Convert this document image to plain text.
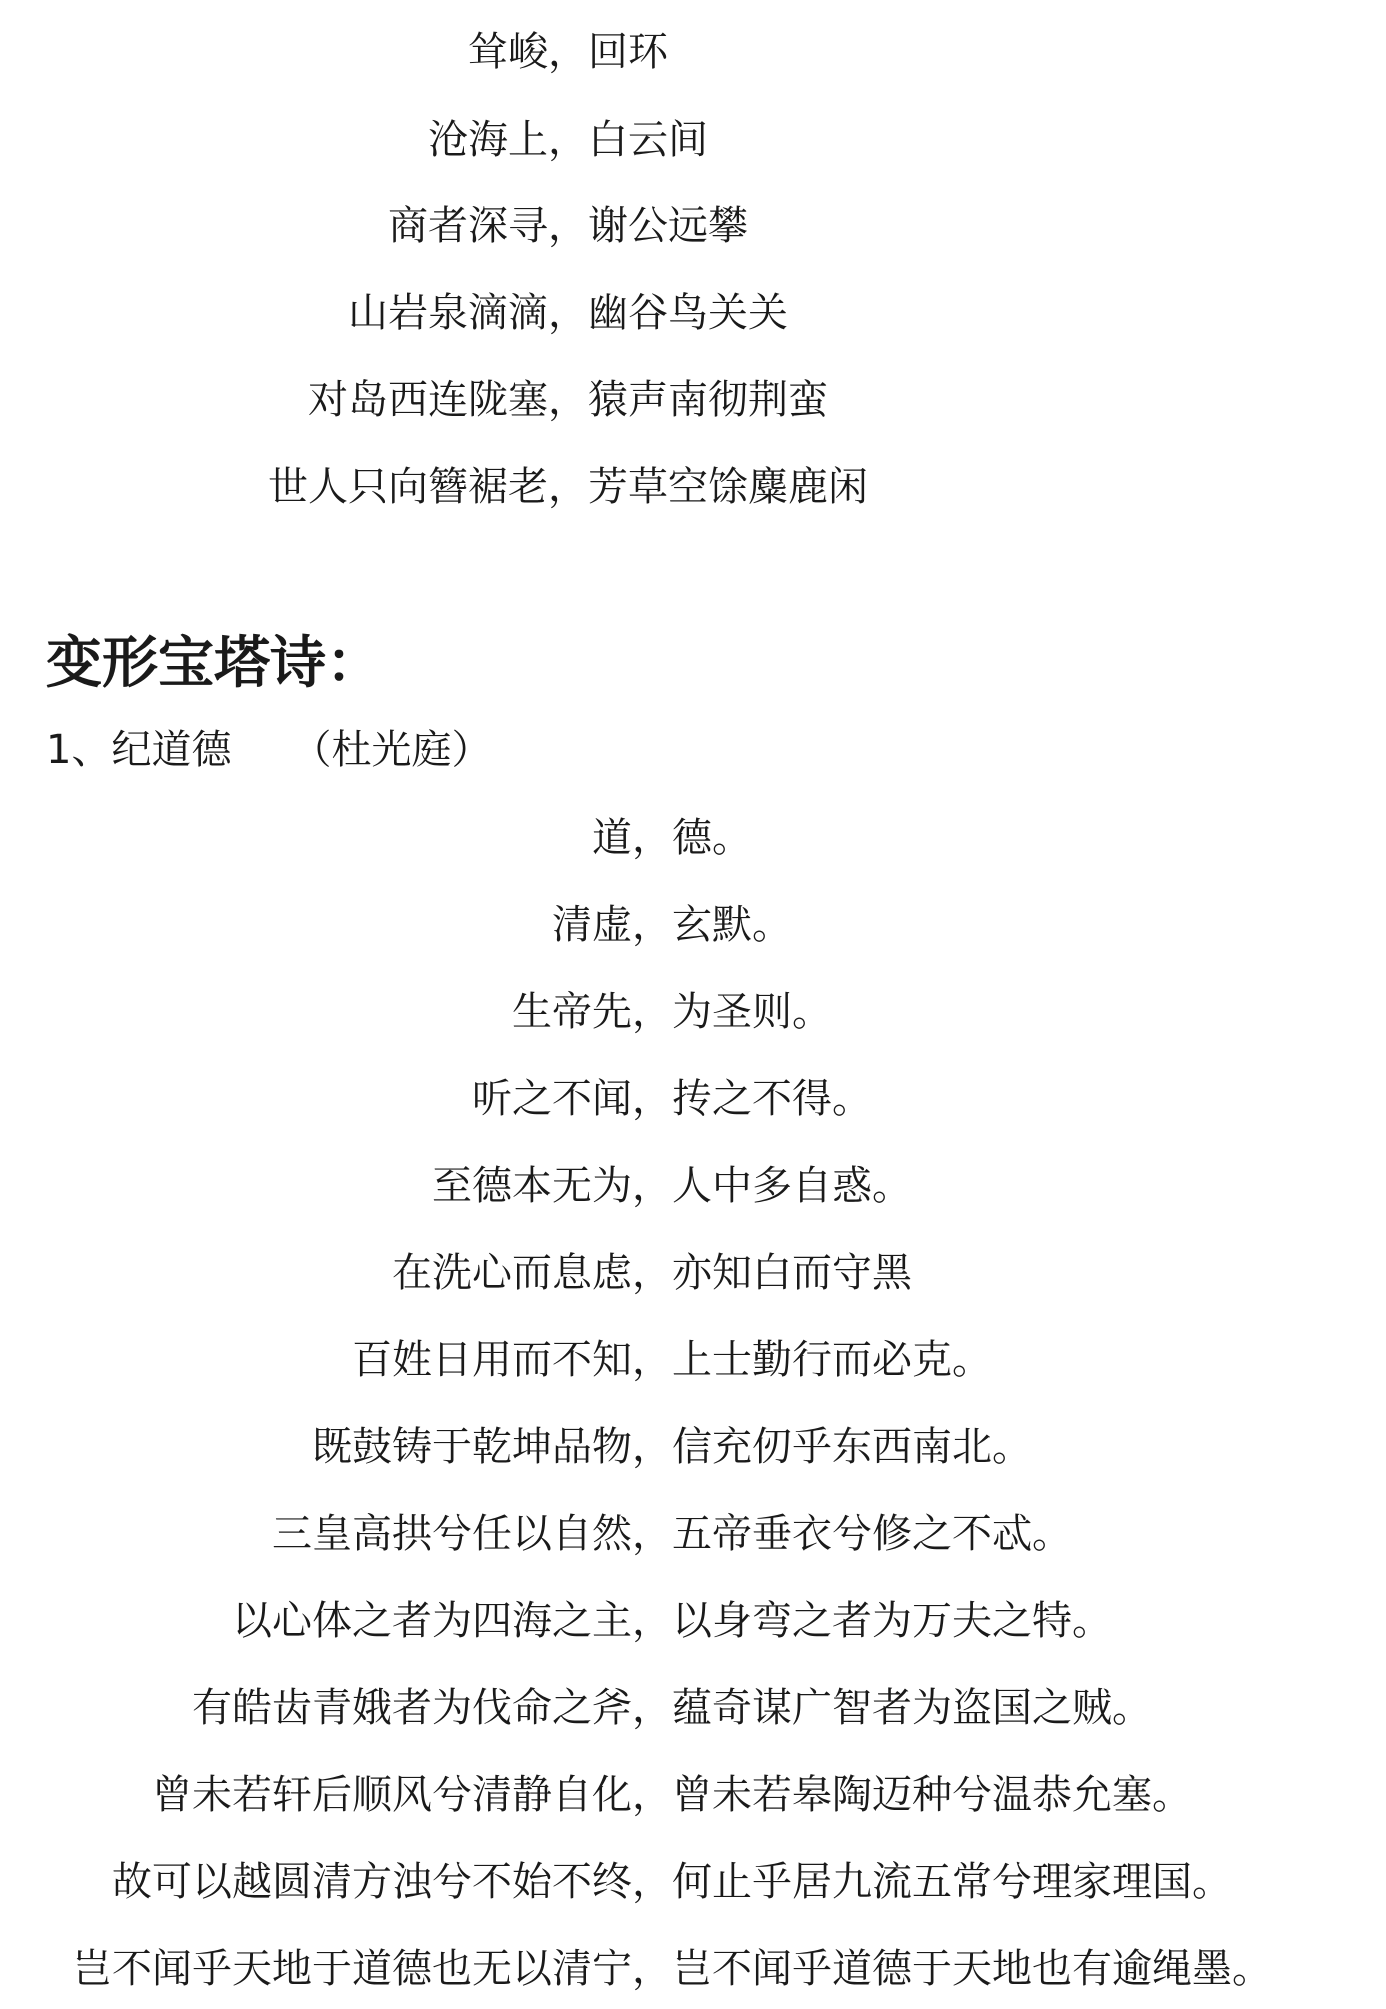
耸峻， 回环
沧海上， 白云间
商者深寻， 谢公远攀
山岩泉滴滴， 幽谷鸟关关
对岛西连陇塞， 猿声南彻荆蛮
世人只向簪裾老， 芳草空馀麋鹿闲
变形宝塔诗：
1、纪道德 （杜光庭）
道， 德。
清虚， 玄默。
生帝先， 为圣则。
听之不闻， 抟之不得。
至德本无为， 人中多自惑。
在洗心而息虑， 亦知白而守黑
百姓日用而不知， 上士勤行而必克。
既鼓铸于乾坤品物， 信充仞乎东西南北。
三皇高拱兮任以自然， 五帝垂衣兮修之不忒。
以心体之者为四海之主， 以身弯之者为万夫之特。
有皓齿青娥者为伐命之斧， 蕴奇谋广智者为盗国之贼。
曾未若轩后顺风兮清静自化， 曾未若皋陶迈种兮温恭允塞。
故可以越圆清方浊兮不始不终， 何止乎居九流五常兮理家理国。
岂不闻乎天地于道德也无以清宁， 岂不闻乎道德于天地也有逾绳墨。
